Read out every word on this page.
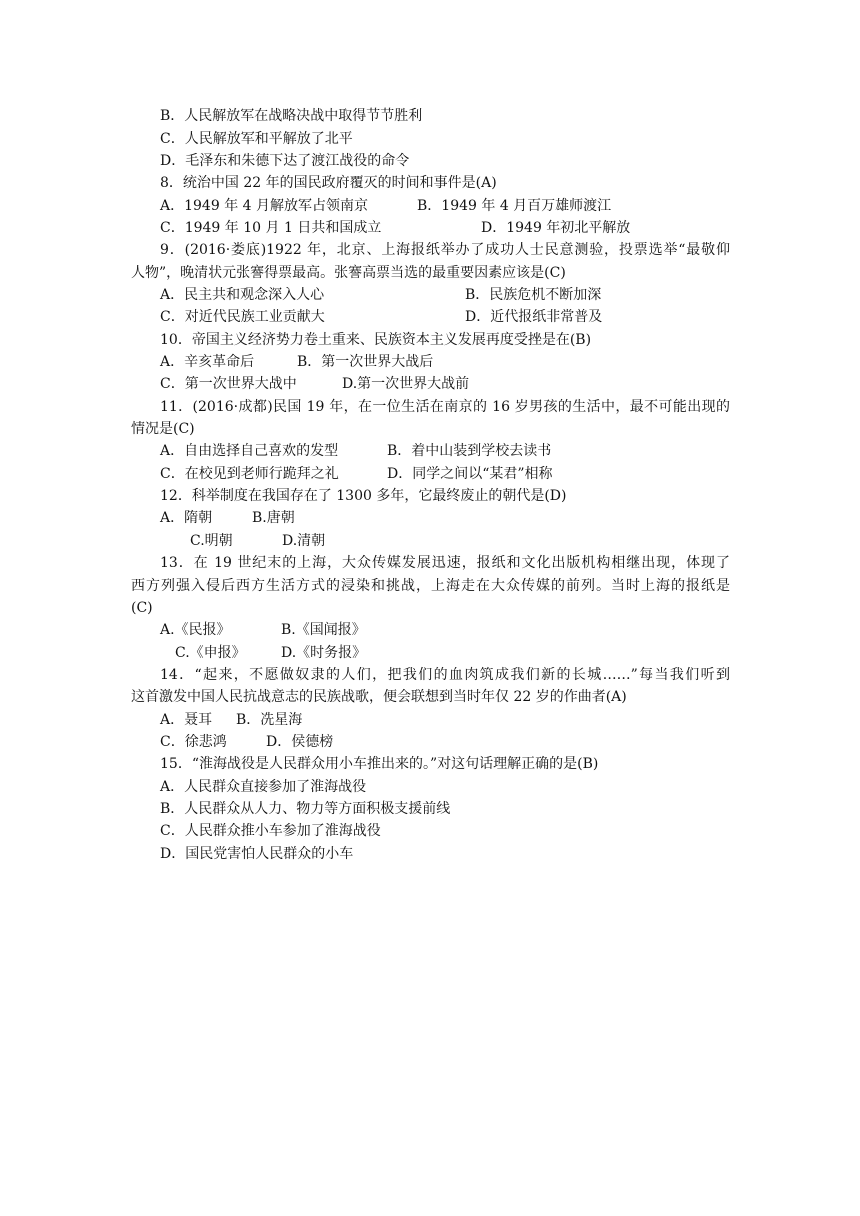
B．人民解放军在战略决战中取得节节胜利
C．人民解放军和平解放了北平
D．毛泽东和朱德下达了渡江战役的命令
8．统治中国 22 年的国民政府覆灭的时间和事件是(A)
A．1949 年 4 月解放军占领南京	B．1949 年 4 月百万雄师渡江
C．1949 年 10 月 1 日共和国成立	D．1949 年初北平解放
9．(2016·娄底)1922 年，北京、上海报纸举办了成功人士民意测验，投票选举“最敬仰
人物”，晚清状元张謇得票最高。张謇高票当选的最重要因素应该是(C)
A．民主共和观念深入人心	B．民族危机不断加深
C．对近代民族工业贡献大	D．近代报纸非常普及
10．帝国主义经济势力卷土重来、民族资本主义发展再度受挫是在(B)
A．辛亥革命后	B．第一次世界大战后
C．第一次世界大战中	D.第一次世界大战前
11．(2016·成都)民国 19 年，在一位生活在南京的 16 岁男孩的生活中，最不可能出现的
情况是(C)
A．自由选择自己喜欢的发型	B．着中山装到学校去读书
C．在校见到老师行跪拜之礼	D．同学之间以“某君”相称
12．科举制度在我国存在了 1300 多年，它最终废止的朝代是(D)
A．隋朝	B.唐朝
C.明朝	D.清朝
13．在 19 世纪末的上海，大众传媒发展迅速，报纸和文化出版机构相继出现，体现了
西方列强入侵后西方生活方式的浸染和挑战，上海走在大众传媒的前列。当时上海的报纸是
(C)
A.《民报》	B.《国闻报》
C.《申报》	D.《时务报》
14．“起来，不愿做奴隶的人们，把我们的血肉筑成我们新的长城……”每当我们听到
这首激发中国人民抗战意志的民族战歌，便会联想到当时年仅 22 岁的作曲者(A)
A．聂耳 B．冼星海
C．徐悲鸿	D．侯德榜
15．“淮海战役是人民群众用小车推出来的。”对这句话理解正确的是(B)
A．人民群众直接参加了淮海战役
B．人民群众从人力、物力等方面积极支援前线
C．人民群众推小车参加了淮海战役
D．国民党害怕人民群众的小车
